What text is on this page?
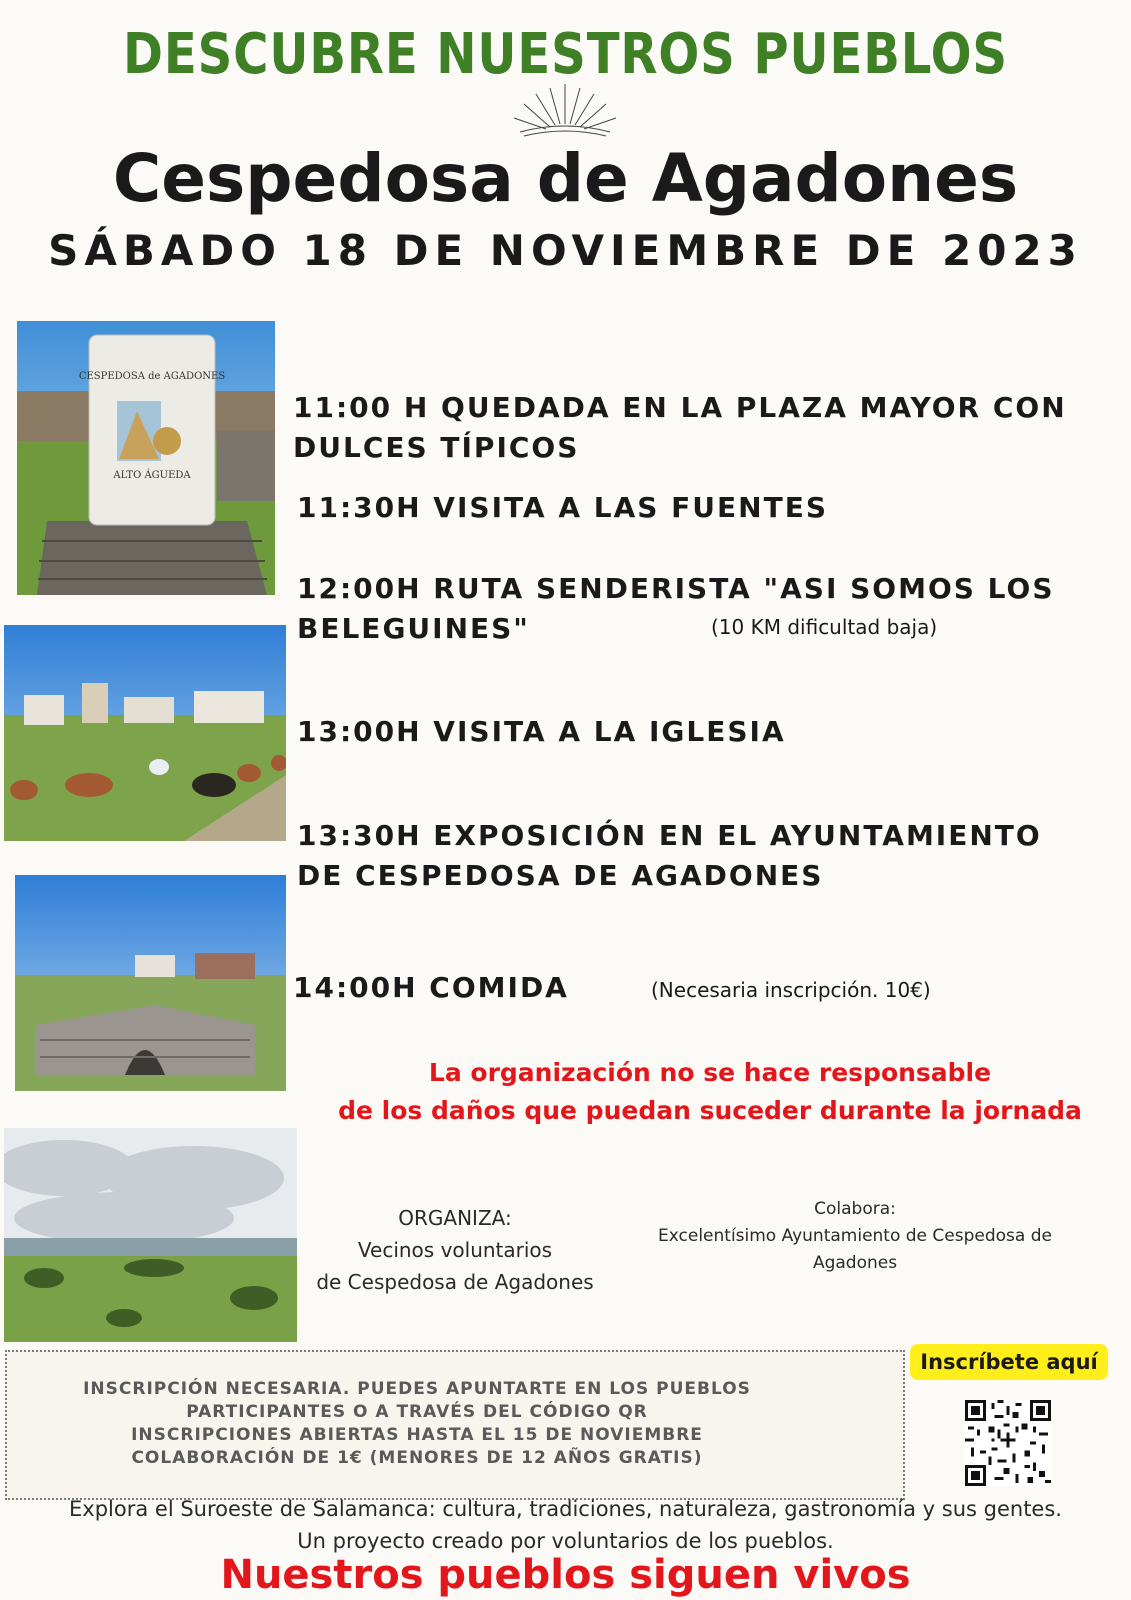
DESCUBRE NUESTROS PUEBLOS
Cespedosa de Agadones
SÁBADO 18 DE NOVIEMBRE DE 2023
CESPEDOSA de AGADONES
ALTO ÁGUEDA
11:00 H QUEDADA EN LA PLAZA MAYOR CON
DULCES TÍPICOS
11:30H VISITA A LAS FUENTES
12:00H RUTA SENDERISTA "ASI SOMOS LOS
BELEGUINES"	(10 KM dificultad baja)
13:00H VISITA A LA IGLESIA
13:30H EXPOSICIÓN EN EL AYUNTAMIENTO
DE CESPEDOSA DE AGADONES
14:00H COMIDA	(Necesaria inscripción. 10€)
La organización no se hace responsable
de los daños que puedan suceder durante la jornada
ORGANIZA:
Vecinos voluntarios
de Cespedosa de Agadones
Colabora:
Excelentísimo Ayuntamiento de Cespedosa de
Agadones
INSCRIPCIÓN NECESARIA. PUEDES APUNTARTE EN LOS PUEBLOS
PARTICIPANTES O A TRAVÉS DEL CÓDIGO QR
INSCRIPCIONES ABIERTAS HASTA EL 15 DE NOVIEMBRE
COLABORACIÓN DE 1€ (MENORES DE 12 AÑOS GRATIS)
Inscríbete aquí
Explora el Suroeste de Salamanca: cultura, tradiciones, naturaleza, gastronomía y sus gentes.
Un proyecto creado por voluntarios de los pueblos.
Nuestros pueblos siguen vivos
